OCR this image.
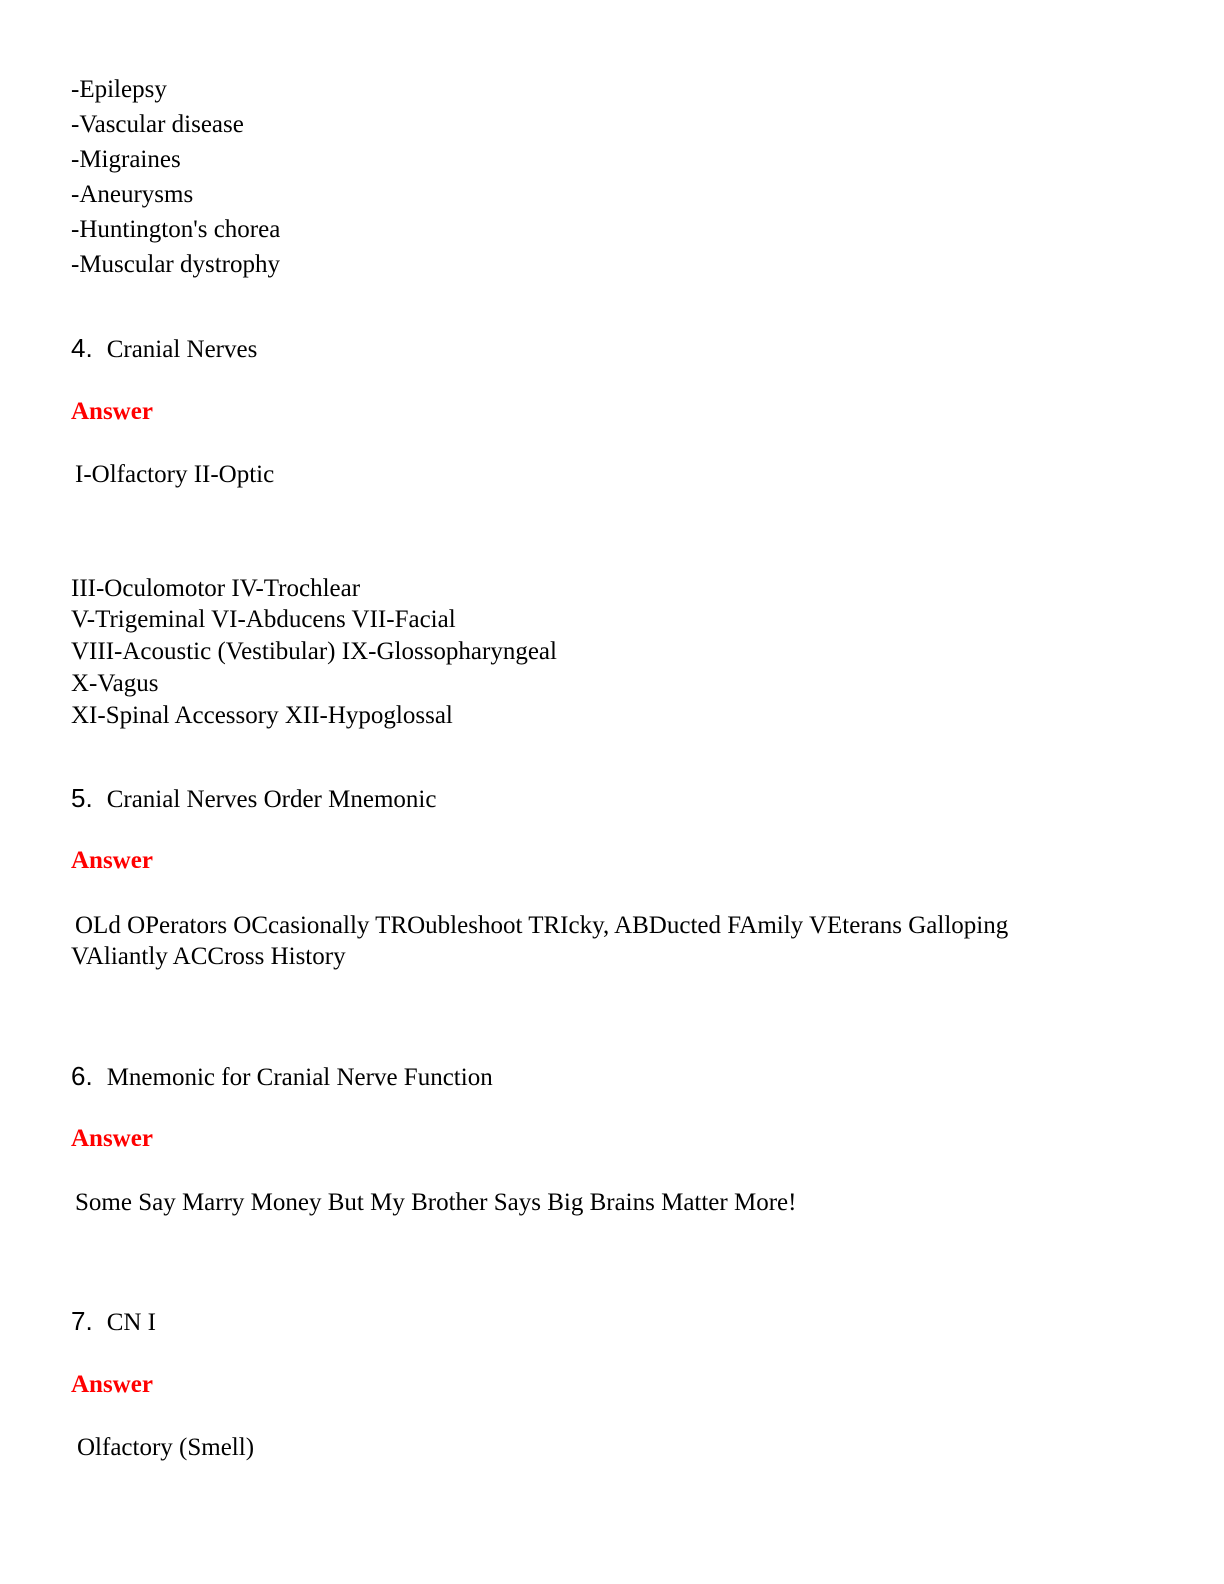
-Epilepsy
-Vascular disease
-Migraines
-Aneurysms
-Huntington's chorea
-Muscular dystrophy
4. Cranial Nerves
Answer
I-Olfactory II-Optic
III-Oculomotor IV-Trochlear
V-Trigeminal VI-Abducens VII-Facial
VIII-Acoustic (Vestibular) IX-Glossopharyngeal
X-Vagus
XI-Spinal Accessory XII-Hypoglossal
5. Cranial Nerves Order Mnemonic
Answer
OLd OPerators OCcasionally TROubleshoot TRIcky, ABDucted FAmily VEterans Galloping
VAliantly ACCross History
6. Mnemonic for Cranial Nerve Function
Answer
Some Say Marry Money But My Brother Says Big Brains Matter More!
7. CN I
Answer
Olfactory (Smell)
